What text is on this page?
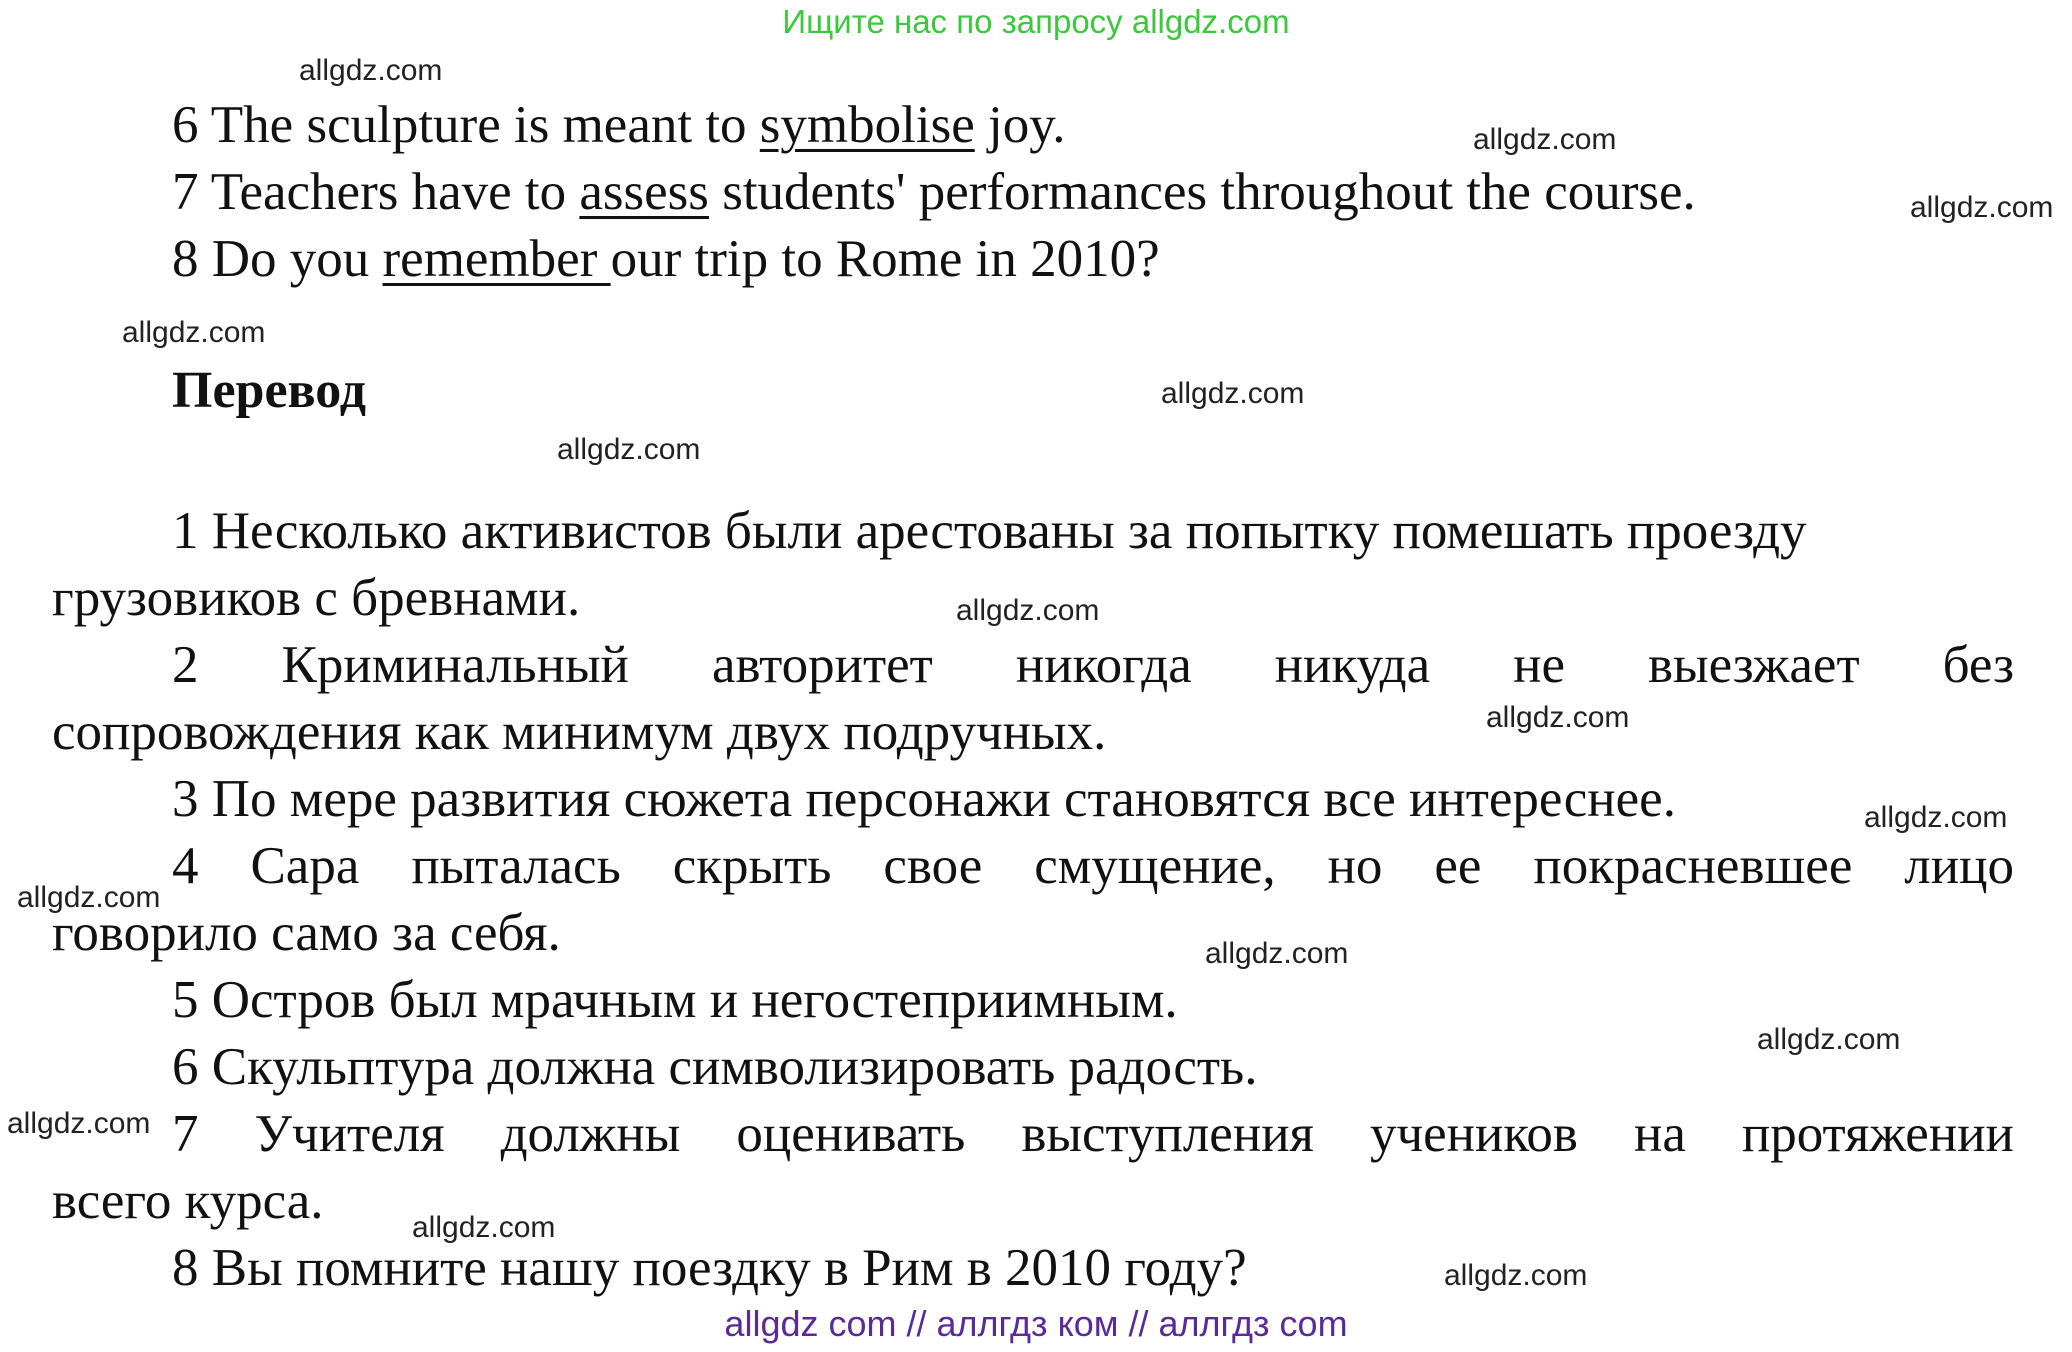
Ищите нас по запросу allgdz.com
6 The sculpture is meant to symbolise joy.
7 Teachers have to assess students' performances throughout the course.
8 Do you remember our trip to Rome in 2010?
Перевод
1 Несколько активистов были арестованы за попытку помешать проезду
грузовиков с бревнами.
2 Криминальный авторитет никогда никуда не выезжает без
сопровождения как минимум двух подручных.
3 По мере развития сюжета персонажи становятся все интереснее.
4 Сара пыталась скрыть свое смущение, но ее покрасневшее лицо
говорило само за себя.
5 Остров был мрачным и негостеприимным.
6 Скульптура должна символизировать радость.
7 Учителя должны оценивать выступления учеников на протяжении
всего курса.
8 Вы помните нашу поездку в Рим в 2010 году?
allgdz.com
allgdz.com
allgdz.com
allgdz.com
allgdz.com
allgdz.com
allgdz.com
allgdz.com
allgdz.com
allgdz.com
allgdz.com
allgdz.com
allgdz.com
allgdz.com
allgdz.com
allgdz com // аллгдз ком // аллгдз com
